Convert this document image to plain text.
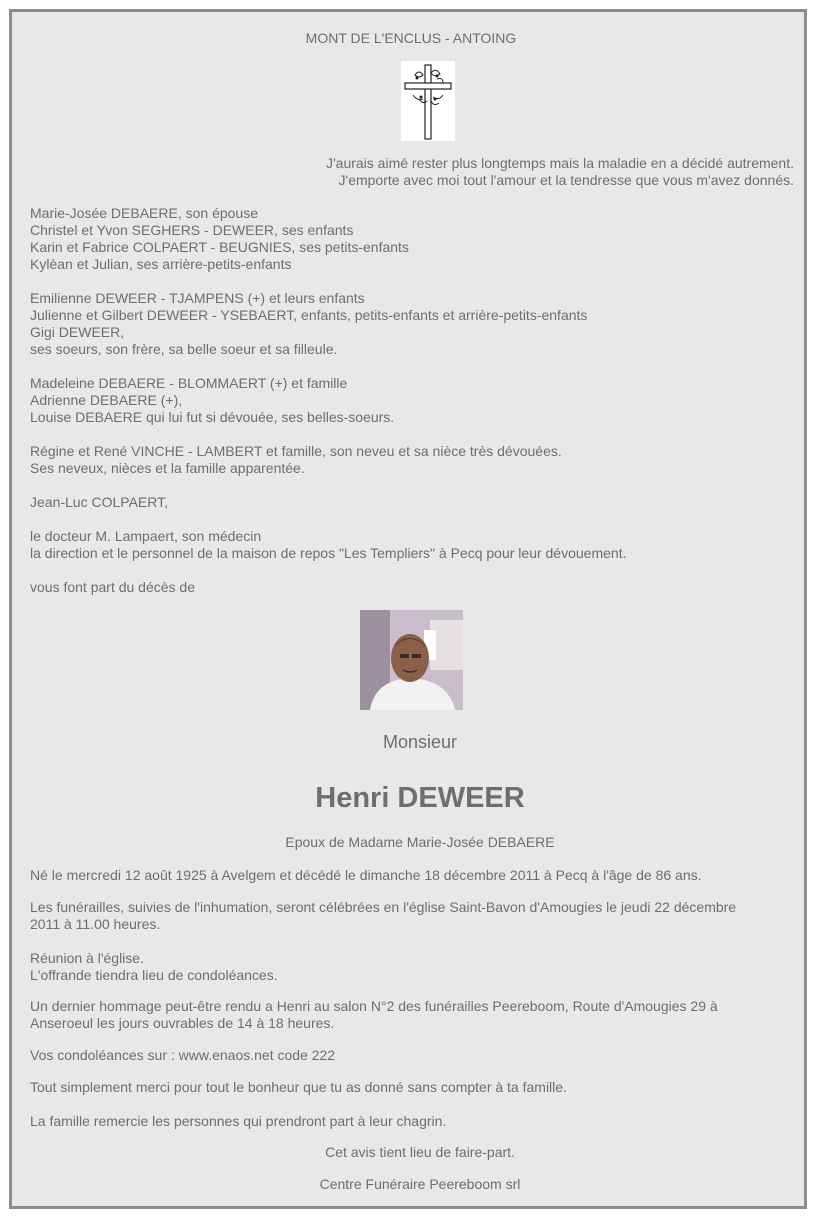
MONT DE L'ENCLUS - ANTOING

J'aurais aimé rester plus longtemps mais la maladie en a décidé autrement.

J'emporte avec moi tout l'amour et la tendresse que vous m'avez donnés.

Marie-Josée DEBAERE, son épouse

Christel et Yvon SEGHERS - DEWEER, ses enfants

Karin et Fabrice COLPAERT - BEUGNIES, ses petits-enfants

Kylèan et Julian, ses arrière-petits-enfants

Emilienne DEWEER - TJAMPENS (+) et leurs enfants

Julienne et Gilbert DEWEER - YSEBAERT, enfants, petits-enfants et arrière-petits-enfants

Gigi DEWEER,

ses soeurs, son frère, sa belle soeur et sa filleule.

Madeleine DEBAERE - BLOMMAERT (+) et famille

Adrienne DEBAERE (+),

Louise DEBAERE qui lui fut si dévouée, ses belles-soeurs.

Régine et René VINCHE - LAMBERT et famille, son neveu et sa nièce très dévouées.

Ses neveux, nièces et la famille apparentée.

Jean-Luc COLPAERT,

le docteur M. Lampaert, son médecin

la direction et le personnel de la maison de repos "Les Templiers" à Pecq pour leur dévouement.

vous font part du décès de

Monsieur
Henri DEWEER
Epoux de Madame Marie-Josée DEBAERE

Né le mercredi 12 août 1925 à Avelgem et décédé le dimanche 18 décembre 2011 à Pecq à l'âge de 86 ans.

Les funérailles, suivies de l'inhumation, seront célébrées en l'église Saint-Bavon d'Amougies le jeudi 22 décembre

2011 à 11.00 heures.

Réunion à l'église.

L'offrande tiendra lieu de condoléances.

Un dernier hommage peut-être rendu a Henri au salon N°2 des funérailles Peereboom, Route d'Amougies 29 à

Anseroeul les jours ouvrables de 14 à 18 heures.

Vos condoléances sur : www.enaos.net code 222

Tout simplement merci pour tout le bonheur que tu as donné sans compter à ta famille.

La famille remercie les personnes qui prendront part à leur chagrin.

Cet avis tient lieu de faire-part.
Centre Funéraire Peereboom srl
